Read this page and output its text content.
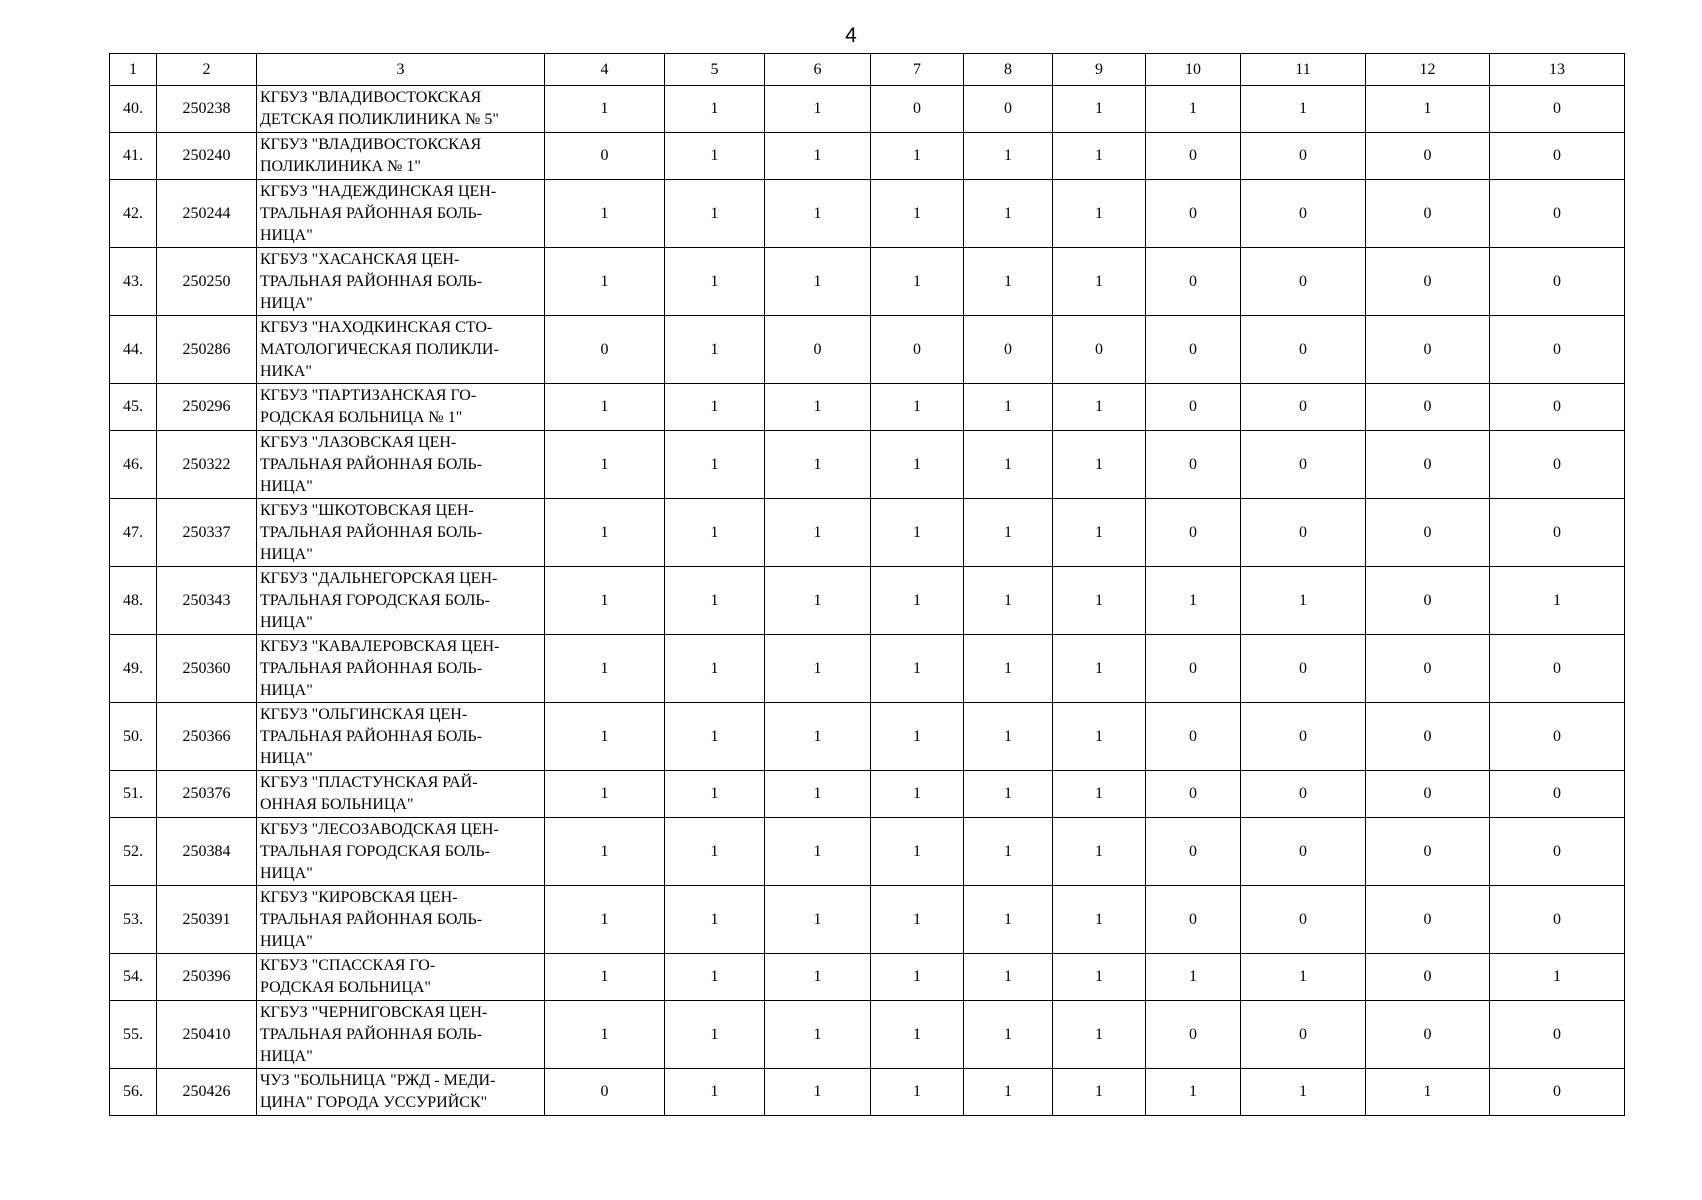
4
1	2	3	4	5	6	7	8	9	10	11	12	13
40.	250238	КГБУЗ "ВЛАДИВОСТОКСКАЯ
ДЕТСКАЯ ПОЛИКЛИНИКА № 5"	1	1	1	0	0	1	1	1	1	0
41.	250240	КГБУЗ "ВЛАДИВОСТОКСКАЯ
ПОЛИКЛИНИКА № 1"	0	1	1	1	1	1	0	0	0	0
42.	250244	КГБУЗ "НАДЕЖДИНСКАЯ ЦЕН-
ТРАЛЬНАЯ РАЙОННАЯ БОЛЬ-
НИЦА"	1	1	1	1	1	1	0	0	0	0
43.	250250	КГБУЗ "ХАСАНСКАЯ ЦЕН-
ТРАЛЬНАЯ РАЙОННАЯ БОЛЬ-
НИЦА"	1	1	1	1	1	1	0	0	0	0
44.	250286	КГБУЗ "НАХОДКИНСКАЯ СТО-
МАТОЛОГИЧЕСКАЯ ПОЛИКЛИ-
НИКА"	0	1	0	0	0	0	0	0	0	0
45.	250296	КГБУЗ "ПАРТИЗАНСКАЯ ГО-
РОДСКАЯ БОЛЬНИЦА № 1"	1	1	1	1	1	1	0	0	0	0
46.	250322	КГБУЗ "ЛАЗОВСКАЯ ЦЕН-
ТРАЛЬНАЯ РАЙОННАЯ БОЛЬ-
НИЦА"	1	1	1	1	1	1	0	0	0	0
47.	250337	КГБУЗ "ШКОТОВСКАЯ ЦЕН-
ТРАЛЬНАЯ РАЙОННАЯ БОЛЬ-
НИЦА"	1	1	1	1	1	1	0	0	0	0
48.	250343	КГБУЗ "ДАЛЬНЕГОРСКАЯ ЦЕН-
ТРАЛЬНАЯ ГОРОДСКАЯ БОЛЬ-
НИЦА"	1	1	1	1	1	1	1	1	0	1
49.	250360	КГБУЗ "КАВАЛЕРОВСКАЯ ЦЕН-
ТРАЛЬНАЯ РАЙОННАЯ БОЛЬ-
НИЦА"	1	1	1	1	1	1	0	0	0	0
50.	250366	КГБУЗ "ОЛЬГИНСКАЯ ЦЕН-
ТРАЛЬНАЯ РАЙОННАЯ БОЛЬ-
НИЦА"	1	1	1	1	1	1	0	0	0	0
51.	250376	КГБУЗ "ПЛАСТУНСКАЯ РАЙ-
ОННАЯ БОЛЬНИЦА"	1	1	1	1	1	1	0	0	0	0
52.	250384	КГБУЗ "ЛЕСОЗАВОДСКАЯ ЦЕН-
ТРАЛЬНАЯ ГОРОДСКАЯ БОЛЬ-
НИЦА"	1	1	1	1	1	1	0	0	0	0
53.	250391	КГБУЗ "КИРОВСКАЯ ЦЕН-
ТРАЛЬНАЯ РАЙОННАЯ БОЛЬ-
НИЦА"	1	1	1	1	1	1	0	0	0	0
54.	250396	КГБУЗ "СПАССКАЯ ГО-
РОДСКАЯ БОЛЬНИЦА"	1	1	1	1	1	1	1	1	0	1
55.	250410	КГБУЗ "ЧЕРНИГОВСКАЯ ЦЕН-
ТРАЛЬНАЯ РАЙОННАЯ БОЛЬ-
НИЦА"	1	1	1	1	1	1	0	0	0	0
56.	250426	ЧУЗ "БОЛЬНИЦА "РЖД - МЕДИ-
ЦИНА" ГОРОДА УССУРИЙСК"	0	1	1	1	1	1	1	1	1	0
